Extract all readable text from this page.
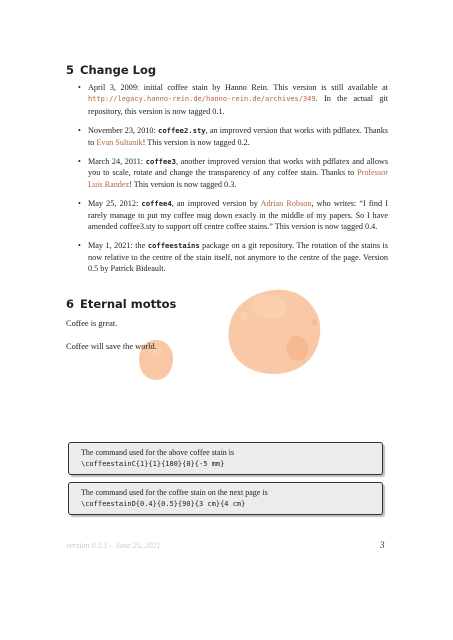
5 Change Log
• April 3, 2009: initial coffee stain by Hanno Rein. This version is still available at http://legacy.hanno-rein.de/hanno-rein.de/archives/349. In the actual git repository, this version is now tagged 0.1.
• November 23, 2010: coffee2.sty, an improved version that works with pdflatex. Thanks to Evan Sultanik! This version is now tagged 0.2.
• March 24, 2011: coffee3, another improved version that works with pdflatex and allows you to scale, rotate and change the transparency of any coffee stain. Thanks to Professor Luis Randez! This version is now tagged 0.3.
• May 25, 2012: coffee4, an improved version by Adrian Robson, who writes: “I find I rarely manage to put my coffee mug down exacly in the middle of my papers. So I have amended coffee3.sty to support off centre coffee stains.” This version is now tagged 0.4.
• May 1, 2021: the coffeestains package on a git repository. The rotation of the stains is now relative to the centre of the stain itself, not anymore to the centre of the page. Version 0.5 by Patrick Bideault.
6 Eternal mottos
Coffee is great.
Coffee will save the world.
The command used for the above coffee stain is
\coffeestainC{1}{1}{180}{0}{-5 mm}
The command used for the coffee stain on the next page is
\coffeestainD{0.4}{0.5}{90}{3 cm}{4 cm}
version 0.5.1 – June 25, 2021	3
